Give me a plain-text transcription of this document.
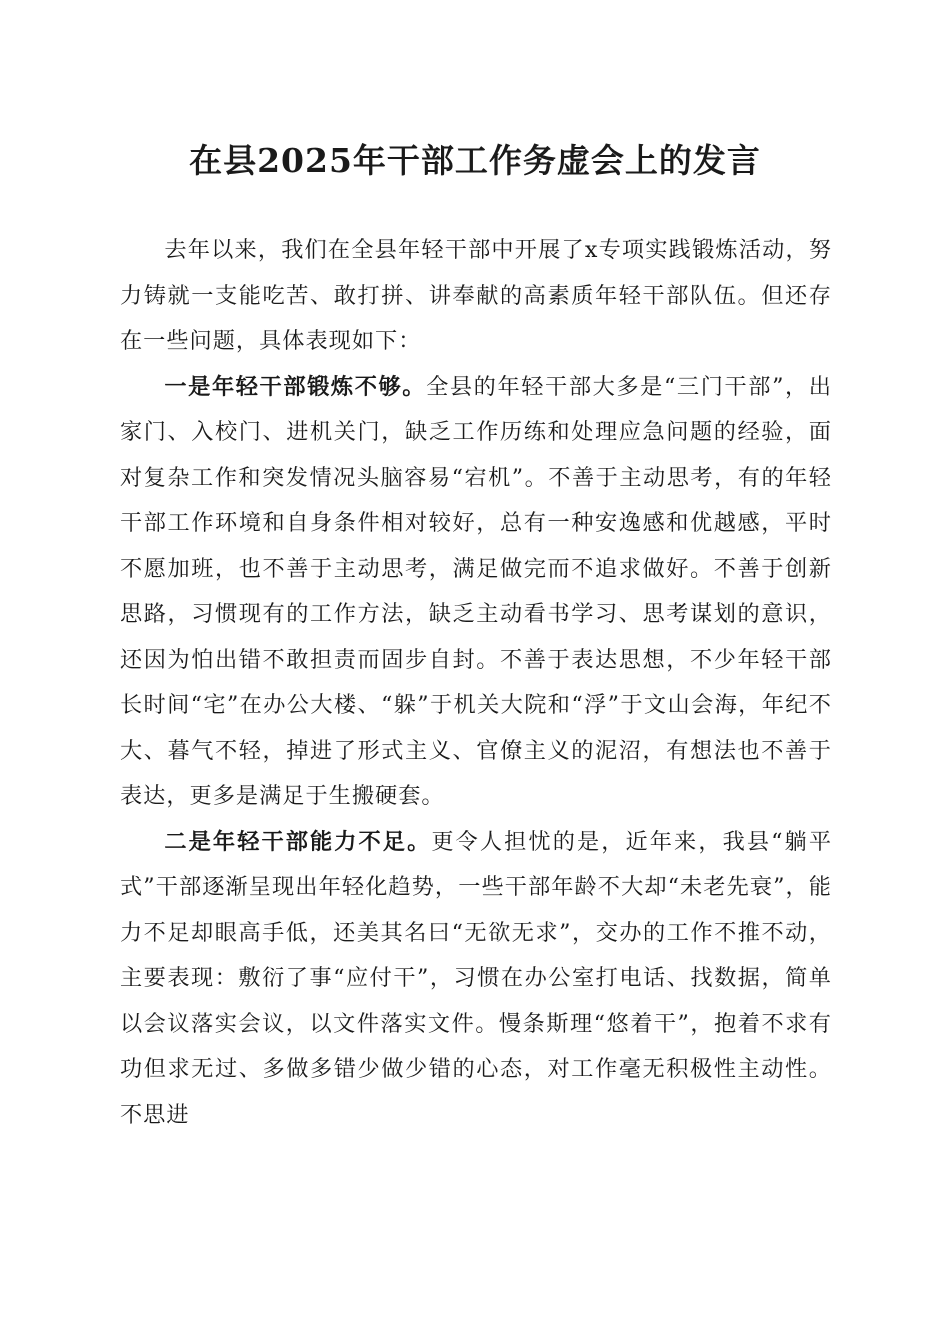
在县2025年干部工作务虚会上的发言

去年以来，我们在全县年轻干部中开展了x专项实践锻炼活动，努力铸就一支能吃苦、敢打拼、讲奉献的高素质年轻干部队伍。但还存在一些问题，具体表现如下：

一是年轻干部锻炼不够。全县的年轻干部大多是“三门干部”，出家门、入校门、进机关门，缺乏工作历练和处理应急问题的经验，面对复杂工作和突发情况头脑容易“宕机”。不善于主动思考，有的年轻干部工作环境和自身条件相对较好，总有一种安逸感和优越感，平时不愿加班，也不善于主动思考，满足做完而不追求做好。不善于创新思路，习惯现有的工作方法，缺乏主动看书学习、思考谋划的意识，还因为怕出错不敢担责而固步自封。不善于表达思想，不少年轻干部长时间“宅”在办公大楼、“躲”于机关大院和“浮”于文山会海，年纪不大、暮气不轻，掉进了形式主义、官僚主义的泥沼，有想法也不善于表达，更多是满足于生搬硬套。

二是年轻干部能力不足。更令人担忧的是，近年来，我县“躺平式”干部逐渐呈现出年轻化趋势，一些干部年龄不大却“未老先衰”，能力不足却眼高手低，还美其名曰“无欲无求”，交办的工作不推不动，主要表现：敷衍了事“应付干”，习惯在办公室打电话、找数据，简单以会议落实会议，以文件落实文件。慢条斯理“悠着干”，抱着不求有功但求无过、多做多错少做少错的心态，对工作毫无积极性主动性。不思进
